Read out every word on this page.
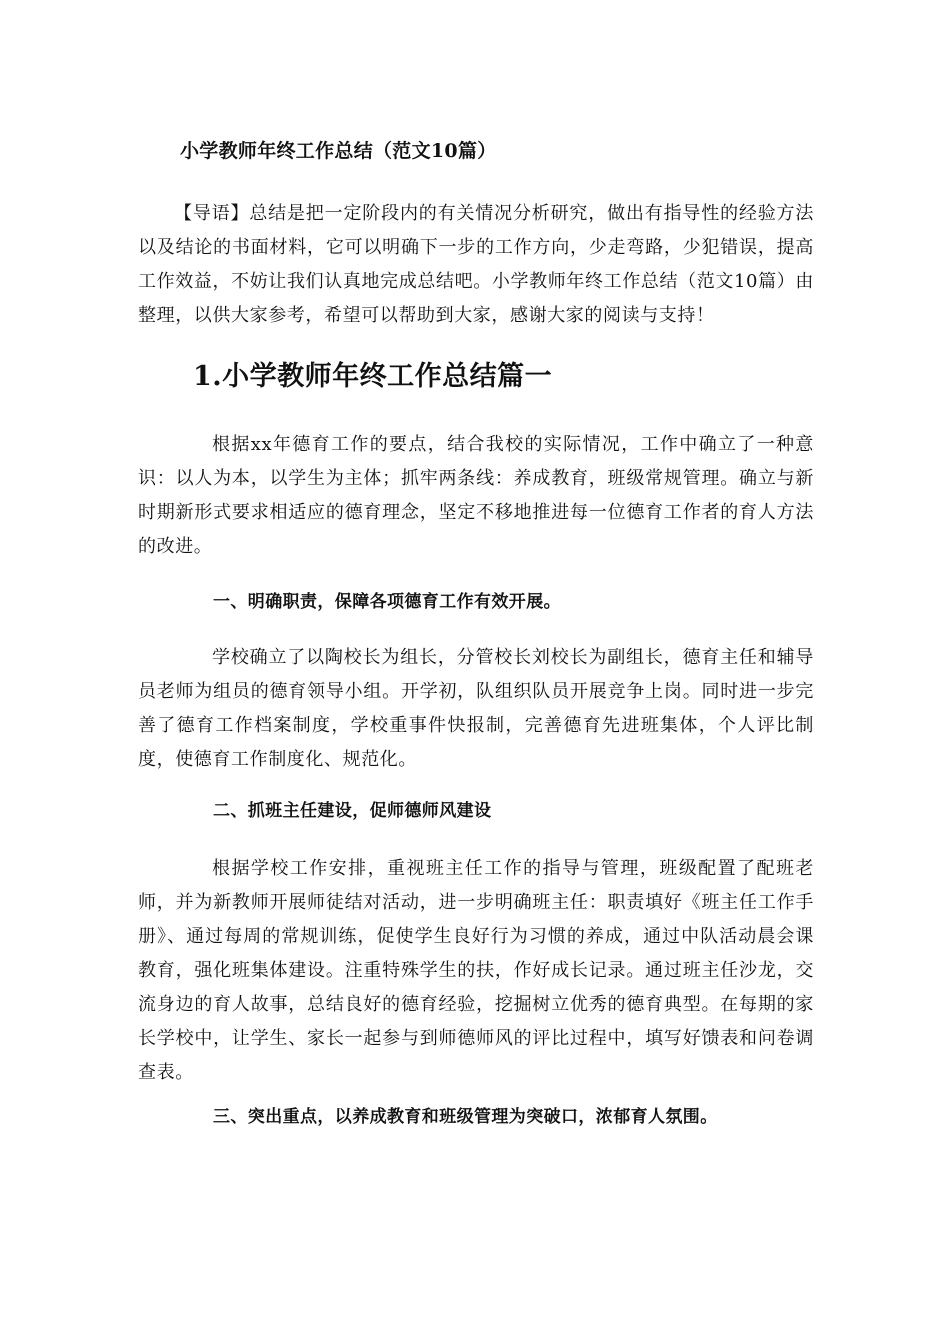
小学教师年终工作总结（范文10篇）

【导语】总结是把一定阶段内的有关情况分析研究，做出有指导性的经验方法以及结论的书面材料，它可以明确下一步的工作方向，少走弯路，少犯错误，提高工作效益，不妨让我们认真地完成总结吧。小学教师年终工作总结（范文10篇）由整理，以供大家参考，希望可以帮助到大家，感谢大家的阅读与支持！

1.小学教师年终工作总结篇一

根据xx年德育工作的要点，结合我校的实际情况，工作中确立了一种意识：以人为本，以学生为主体；抓牢两条线：养成教育，班级常规管理。确立与新时期新形式要求相适应的德育理念，坚定不移地推进每一位德育工作者的育人方法的改进。

一、明确职责，保障各项德育工作有效开展。

学校确立了以陶校长为组长，分管校长刘校长为副组长，德育主任和辅导员老师为组员的德育领导小组。开学初，队组织队员开展竞争上岗。同时进一步完善了德育工作档案制度，学校重事件快报制，完善德育先进班集体，个人评比制度，使德育工作制度化、规范化。

二、抓班主任建设，促师德师风建设

根据学校工作安排，重视班主任工作的指导与管理，班级配置了配班老师，并为新教师开展师徒结对活动，进一步明确班主任：职责填好《班主任工作手册》、通过每周的常规训练，促使学生良好行为习惯的养成，通过中队活动晨会课教育，强化班集体建设。注重特殊学生的扶，作好成长记录。通过班主任沙龙，交流身边的育人故事，总结良好的德育经验，挖掘树立优秀的德育典型。在每期的家长学校中，让学生、家长一起参与到师德师风的评比过程中，填写好馈表和问卷调查表。

三、突出重点，以养成教育和班级管理为突破口，浓郁育人氛围。
